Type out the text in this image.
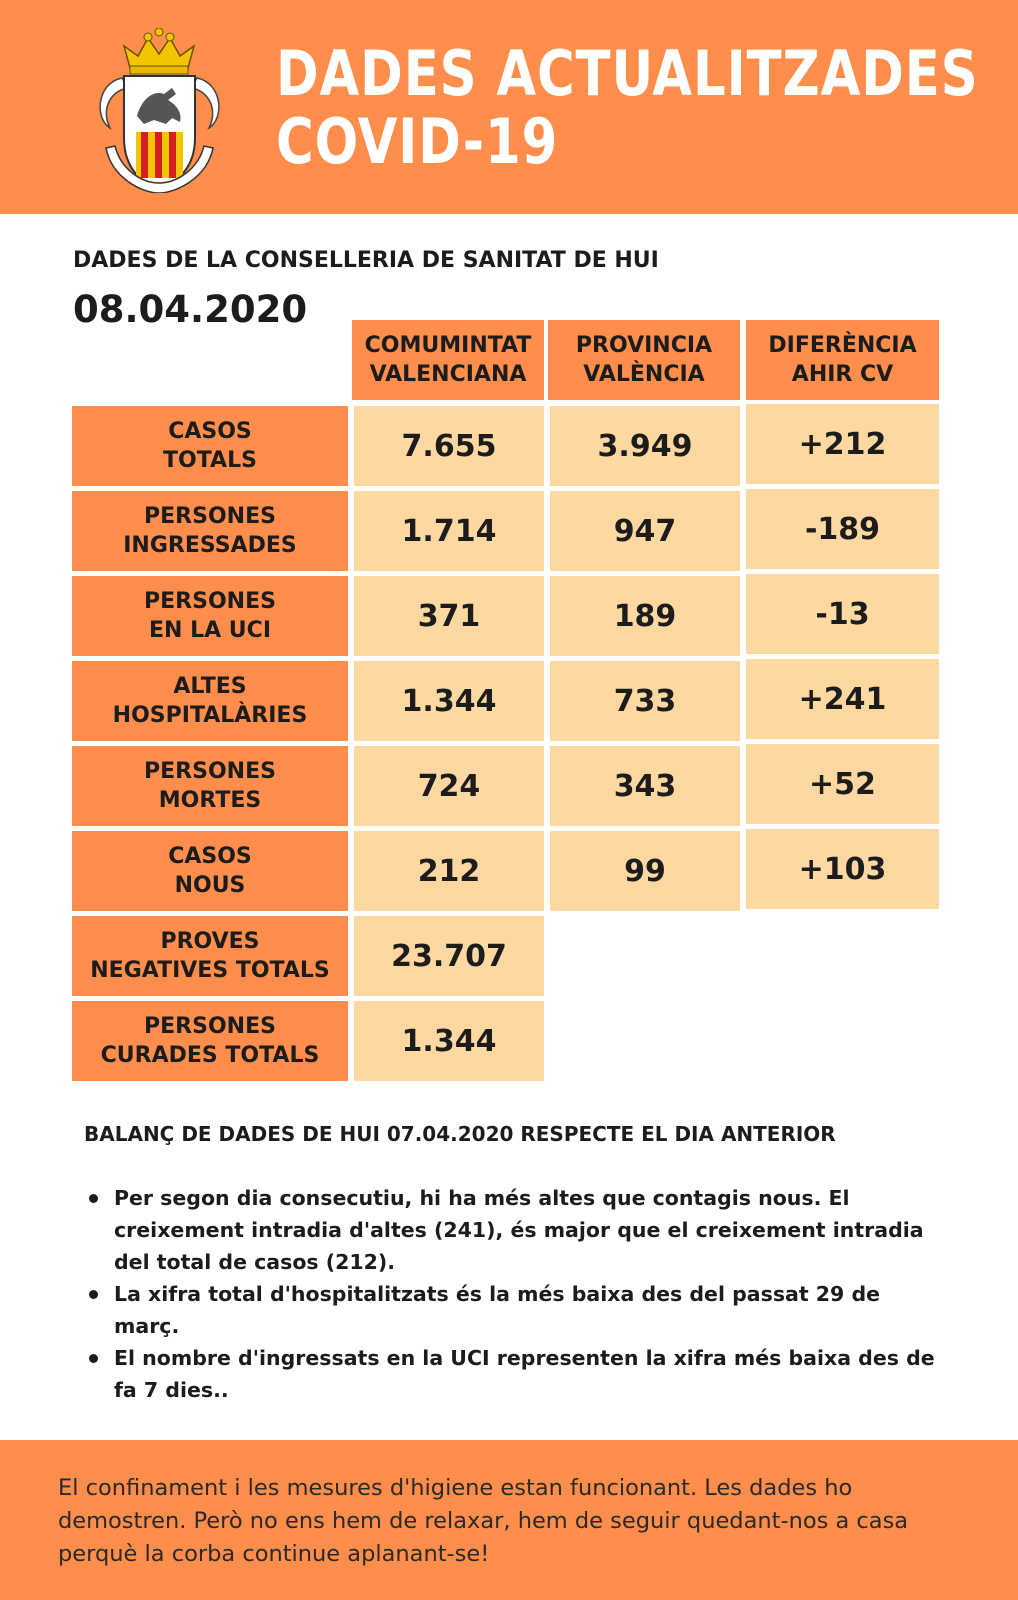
DADES ACTUALITZADES
COVID-19
DADES DE LA CONSELLERIA DE SANITAT DE HUI
08.04.2020
COMUMINTAT
VALENCIANA
PROVINCIA
VALÈNCIA
DIFERÈNCIA
AHIR CV
CASOS
TOTALS	7.655	3.949	+212
PERSONES
INGRESSADES	1.714	947	-189
PERSONES
EN LA UCI	371	189	-13
ALTES
HOSPITALÀRIES	1.344	733	+241
PERSONES
MORTES	724	343	+52
CASOS
NOUS	212	99	+103
PROVES
NEGATIVES TOTALS	23.707
PERSONES
CURADES TOTALS	1.344
BALANÇ DE DADES DE HUI 07.04.2020 RESPECTE EL DIA ANTERIOR
Per segon dia consecutiu, hi ha més altes que contagis nous. El creixement intradia d'altes (241), és major que el creixement intradia del total de casos (212).
La xifra total d'hospitalitzats és la més baixa des del passat 29 de març.
El nombre d'ingressats en la UCI representen la xifra més baixa des de fa 7 dies..
El confinament i les mesures d'higiene estan funcionant. Les dades ho demostren. Però no ens hem de relaxar, hem de seguir quedant-nos a casa perquè la corba continue aplanant-se!
